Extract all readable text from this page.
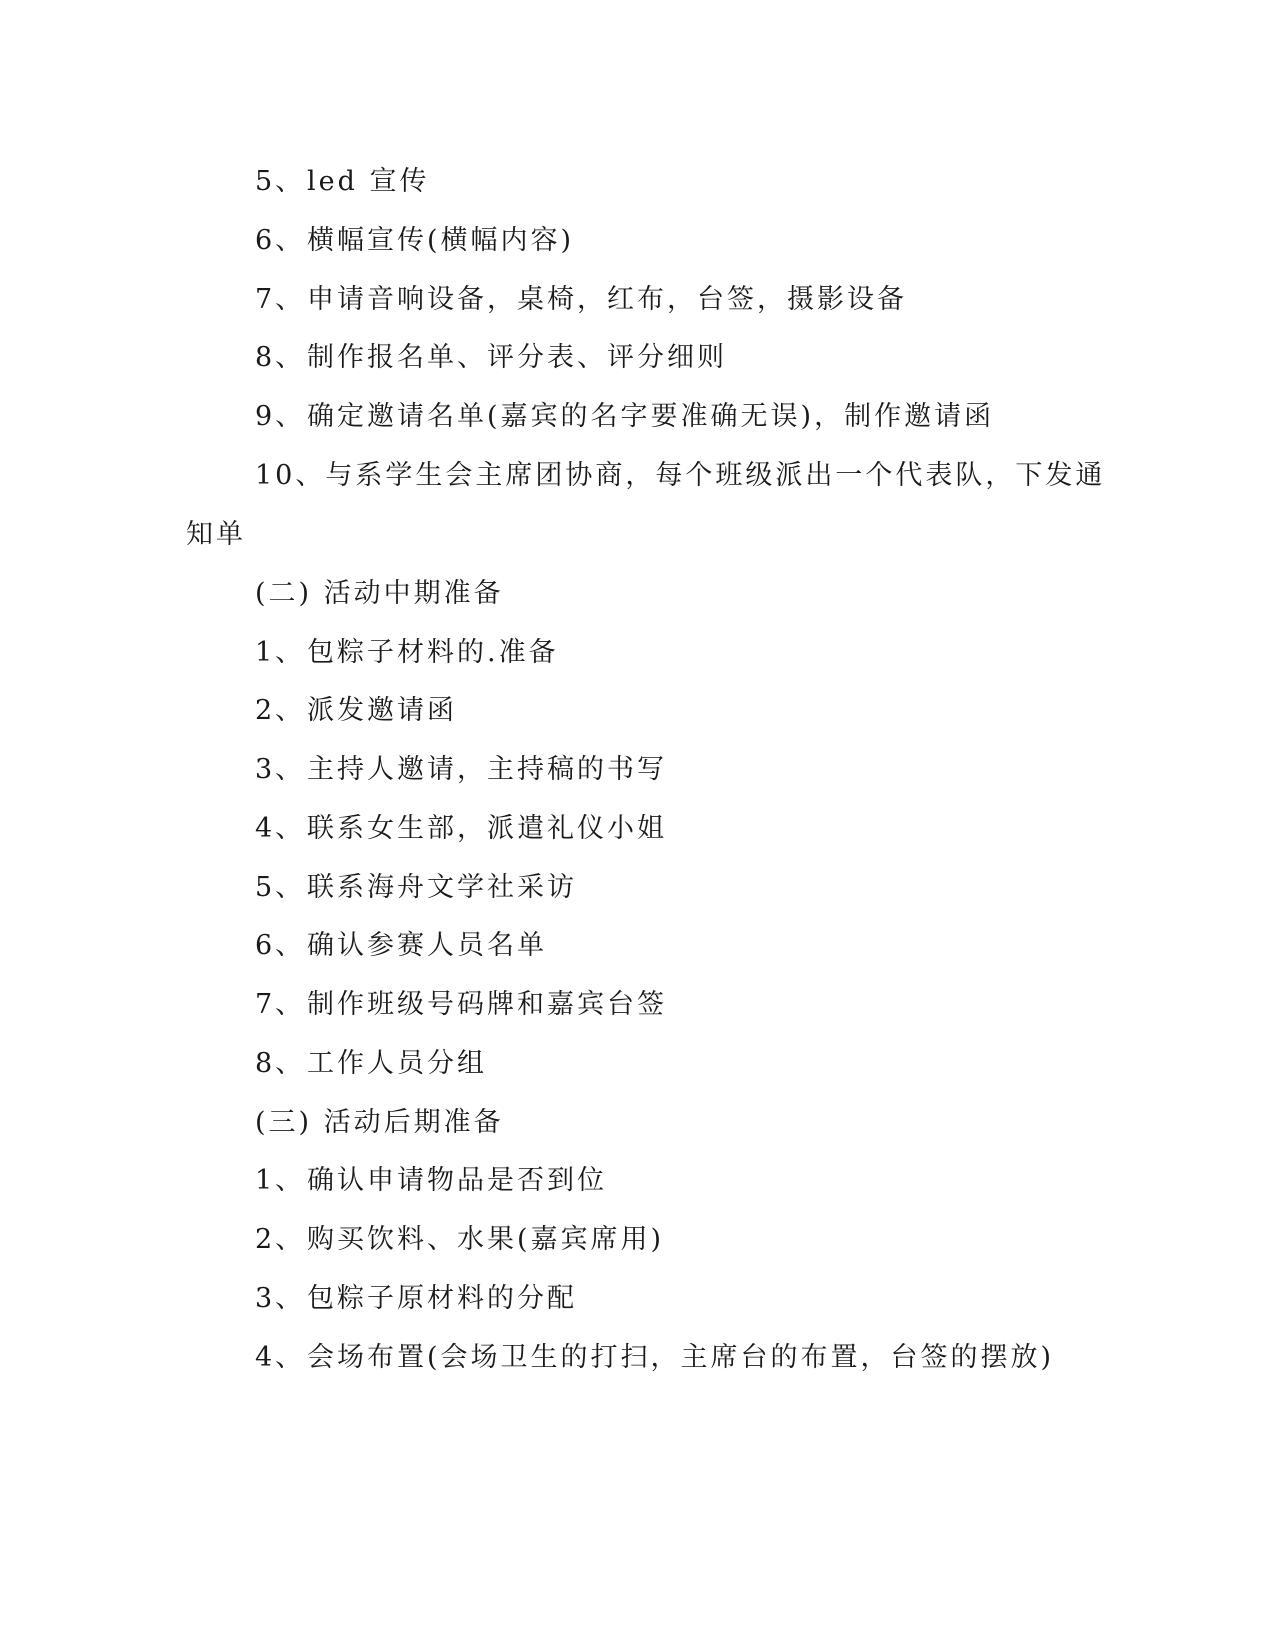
5、led 宣传
6、横幅宣传(横幅内容)
7、申请音响设备，桌椅，红布，台签，摄影设备
8、制作报名单、评分表、评分细则
9、确定邀请名单(嘉宾的名字要准确无误)，制作邀请函
10、与系学生会主席团协商，每个班级派出一个代表队，下发通
知单
(二) 活动中期准备
1、包粽子材料的.准备
2、派发邀请函
3、主持人邀请，主持稿的书写
4、联系女生部，派遣礼仪小姐
5、联系海舟文学社采访
6、确认参赛人员名单
7、制作班级号码牌和嘉宾台签
8、工作人员分组
(三) 活动后期准备
1、确认申请物品是否到位
2、购买饮料、水果(嘉宾席用)
3、包粽子原材料的分配
4、会场布置(会场卫生的打扫，主席台的布置，台签的摆放)
